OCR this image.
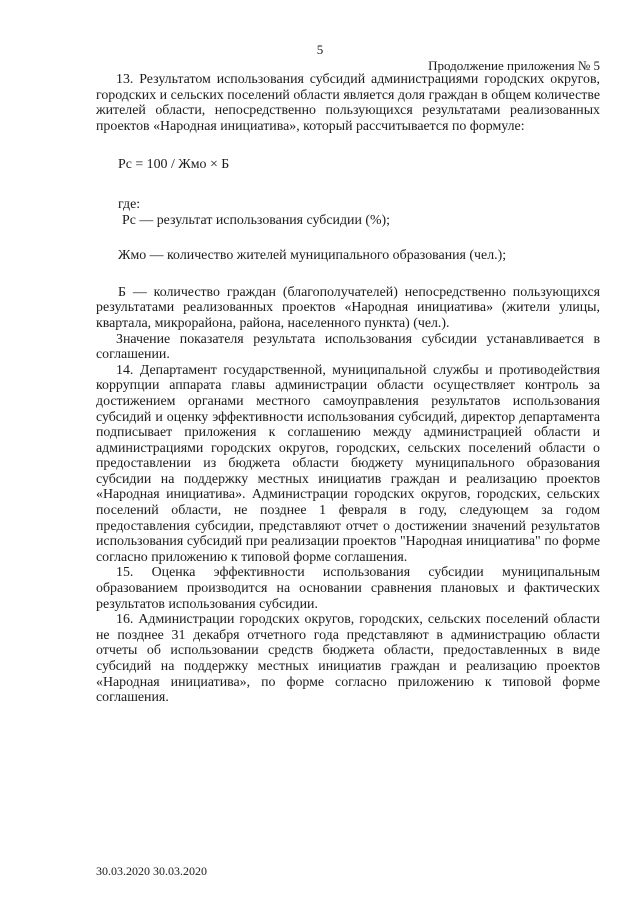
5
Продолжение приложения № 5

13. Результатом использования субсидий администрациями городских округов, городских и сельских поселений области является доля граждан в общем количестве жителей области, непосредственно пользующихся результатами реализованных проектов «Народная инициатива», который рассчитывается по формуле:

Рс = 100 / Жмо × Б

где:

Рс — результат использования субсидии (%);

Жмо — количество жителей муниципального образования (чел.);

Б — количество граждан (благополучателей) непосредственно пользующихся результатами реализованных проектов «Народная инициатива» (жители улицы, квартала, микрорайона, района, населенного пункта) (чел.).

Значение показателя результата использования субсидии устанавливается в соглашении.

14. Департамент государственной, муниципальной службы и противодействия коррупции аппарата главы администрации области осуществляет контроль за достижением органами местного самоуправления результатов использования субсидий и оценку эффективности использования субсидий, директор департамента подписывает приложения к соглашению между администрацией области и администрациями городских округов, городских, сельских поселений области о предоставлении из бюджета области бюджету муниципального образования субсидии на поддержку местных инициатив граждан и реализацию проектов «Народная инициатива». Администрации городских округов, городских, сельских поселений области, не позднее 1 февраля в году, следующем за годом предоставления субсидии, представляют отчет о достижении значений результатов использования субсидий при реализации проектов "Народная инициатива" по форме согласно приложению к типовой форме соглашения.

15. Оценка эффективности использования субсидии муниципальным образованием производится на основании сравнения плановых и фактических результатов использования субсидии.

16. Администрации городских округов, городских, сельских поселений области не позднее 31 декабря отчетного года представляют в администрацию области отчеты об использовании средств бюджета области, предоставленных в виде субсидий на поддержку местных инициатив граждан и реализацию проектов «Народная инициатива», по форме согласно приложению к типовой форме соглашения.

30.03.2020 30.03.2020
